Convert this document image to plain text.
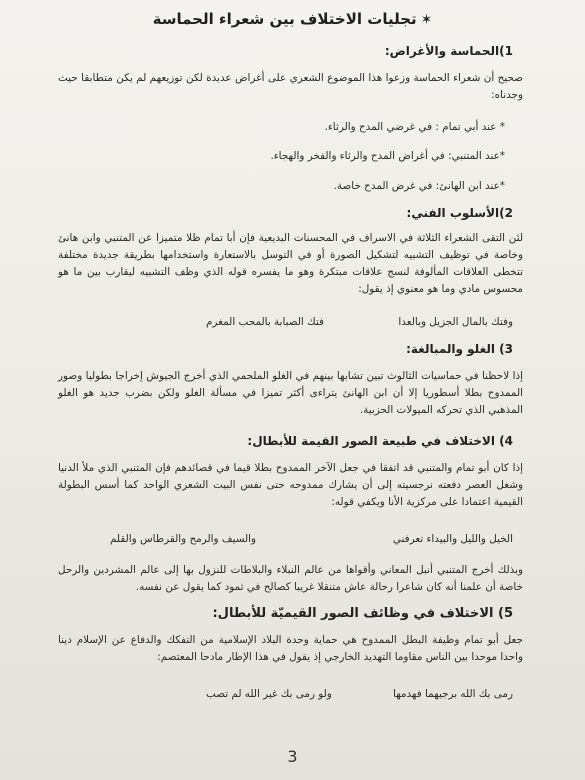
✶تجليات الاختلاف بين شعراء الحماسة
1)الحماسة والأغراض:
صحيح أن شعراء الحماسة وزعوا هذا الموضوع الشعري على أغراض عديدة لكن توزيعهم لم يكن متطابقا حيث وجدناه:
* عند أبي تمام : في غرضي المدح والرثاء.
*عند المتنبي: في أغراض المدح والرثاء والفخر والهجاء.
*عند ابن الهانئ: في غرض المدح خاصة.
2)الأسلوب الفني:
لئن التقى الشعراء الثلاثة في الاسراف في المحسنات البديعية فإن أبا تمام ظلا متميزا عن المتنبي وابن هانئ وخاصة في توظيف التشبيه لتشكيل الصورة أو في التوسل بالاستعارة واستخدامها بطريقة جديدة مختلفة تتخطى العلاقات المألوفة لنسج علاقات مبتكرة وهو ما يفسره قوله الذي وظف التشبيه ليقارب بين ما هو محسوس مادي وما هو معنوي إذ يقول:
وفتك بالمال الجزيل وبالعدا
فتك الصبابة بالمحب المغرم
3) الغلو والمبالغة:
إذا لاحظنا في حماسيات الثالوث تبين تشابها بينهم في الغلو الملحمي الذي أخرج الجيوش إخراجا بطوليا وصور الممدوح بطلا أسطوريا إلا أن ابن الهانئ يتراءى أكثر تميزا في مسألة الغلو ولكن بضرب جديد هو الغلو المذهبي الذي تحركه الميولات الحزبية.
4) الاختلاف في طبيعة الصور القيمة للأبطال:
إذا كان أبو تمام والمتنبي قد اتفقا في جعل الآخر الممدوح بطلا قيما في قصائدهم فإن المتنبي الذي ملأ الدنيا وشغل العصر دفعته نرجسيته إلى أن يشارك ممدوحه حتى نفس البيت الشعري الواحد كما أسس البطولة القيمية اعتمادا على مركزية الأنا ويكفي قوله:
الخيل والليل والبيداء تعرفني
والسيف والرمح والقرطاس والقلم
وبذلك أخرج المتنبي أنبل المعاني وأقواها من عالم النبلاء والبلاطات للنزول بها إلى عالم المشردين والرحل خاصة أن علمنا أنه كان شاعرا رحالة عاش متنقلا غريبا كصالح في ثمود كما يقول عن نفسه.
5) الاختلاف في وظائف الصور القيميّة للأبطال:
جعل أبو تمام وظيفة البطل الممدوح هي حماية وحدة البلاد الإسلامية من التفكك والدفاع عن الإسلام دينا واحدا موحدا بين الناس مقاوما التهديد الخارجي إذ يقول في هذا الإطار مادحا المعتصم:
رمى بك الله برجيهما فهدمها
ولو رمى بك غير الله لم تصب
3
